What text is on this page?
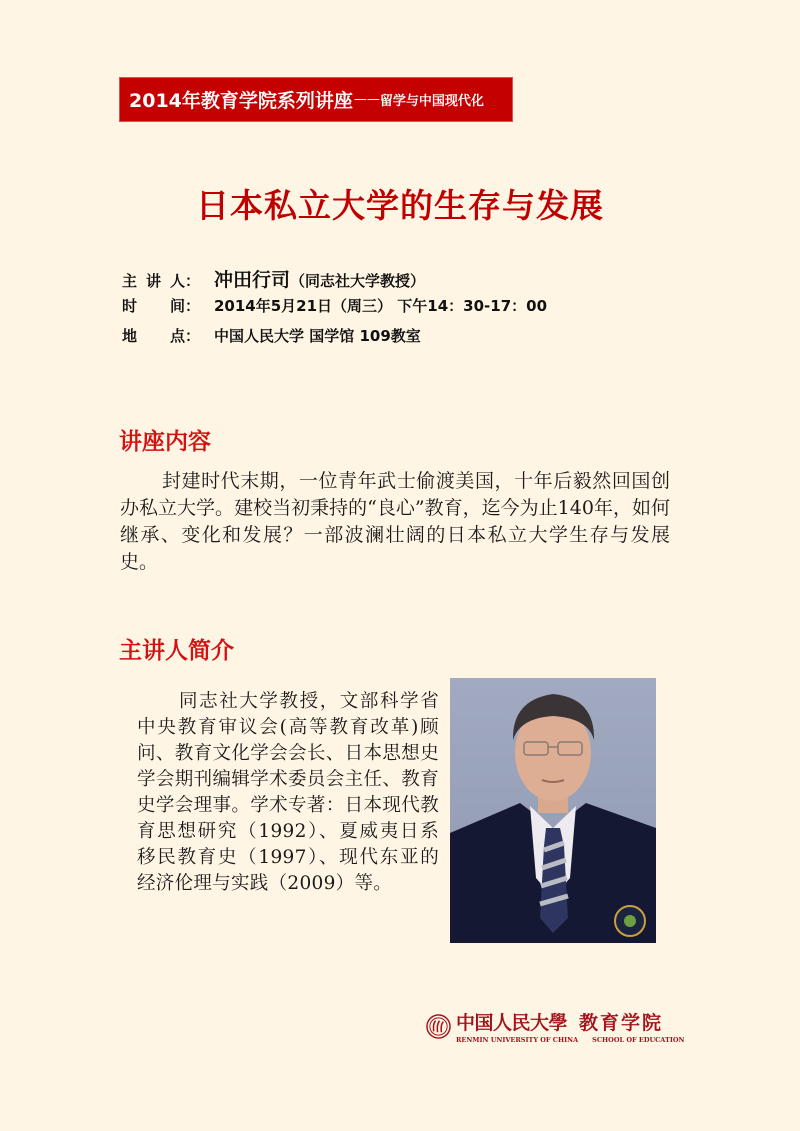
2014年教育学院系列讲座 —— 留学与中国现代化
日本私立大学的生存与发展
主 讲 人： 冲田行司（同志社大学教授）
时 间： 2014年5月21日（周三） 下午14：30-17：00
地 点： 中国人民大学 国学馆 109教室
讲座内容
封建时代末期，一位青年武士偷渡美国，十年后毅然回国创办私立大学。建校当初秉持的“良心”教育，迄今为止140年，如何继承、变化和发展？一部波澜壮阔的日本私立大学生存与发展史。
主讲人简介
同志社大学教授，文部科学省中央教育审议会(高等教育改革)顾问、教育文化学会会长、日本思想史学会期刊编辑学术委员会主任、教育史学会理事。学术专著：日本现代教育思想研究（1992）、夏威夷日系移民教育史（1997）、现代东亚的经济伦理与实践（2009）等。
中国人民大學 教育学院
RENMIN UNIVERSITY OF CHINA SCHOOL OF EDUCATION
